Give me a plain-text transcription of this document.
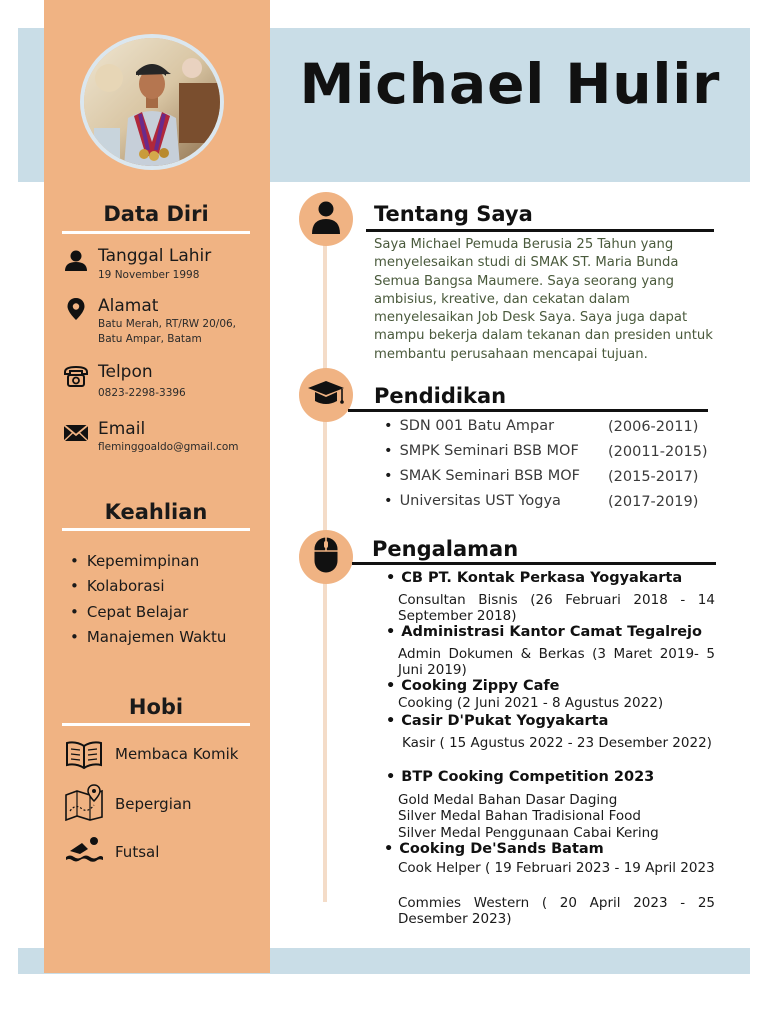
Michael Hulir
Data Diri
Tanggal Lahir
19 November 1998
Alamat
Batu Merah, RT/RW 20/06,
Batu Ampar, Batam
Telpon
0823-2298-3396
Email
fleminggoaldo@gmail.com
Keahlian
• Kepemimpinan
• Kolaborasi
• Cepat Belajar
• Manajemen Waktu
Hobi
Membaca Komik
Bepergian
Futsal
Tentang Saya

Saya Michael Pemuda Berusia 25 Tahun yang menyelesaikan studi di SMAK ST. Maria Bunda Semua Bangsa Maumere. Saya seorang yang ambisius, kreative, dan cekatan dalam menyelesaikan Job Desk Saya. Saya juga dapat mampu bekerja dalam tekanan dan presiden untuk membantu perusahaan mencapai tujuan.

Pendidikan
• SDN 001 Batu Ampar	(2006-2011)
• SMPK Seminari BSB MOF (20011-2015)
• SMAK Seminari BSB MOF (2015-2017)
• Universitas UST Yogya	(2017-2019)
Pengalaman
• CB PT. Kontak Perkasa Yogyakarta
Consultan Bisnis (26 Februari 2018 - 14 September 2018)
• Administrasi Kantor Camat Tegalrejo
Admin Dokumen & Berkas (3 Maret 2019- 5 Juni 2019)
• Cooking Zippy Cafe
Cooking (2 Juni 2021 - 8 Agustus 2022)
• Casir D'Pukat Yogyakarta
Kasir ( 15 Agustus 2022 - 23 Desember 2022)
• BTP Cooking Competition 2023
Gold Medal Bahan Dasar Daging
Silver Medal Bahan Tradisional Food
Silver Medal Penggunaan Cabai Kering
• Cooking De'Sands Batam
Cook Helper ( 19 Februari 2023 - 19 April 2023
Commies Western ( 20 April 2023 - 25 Desember 2023)
